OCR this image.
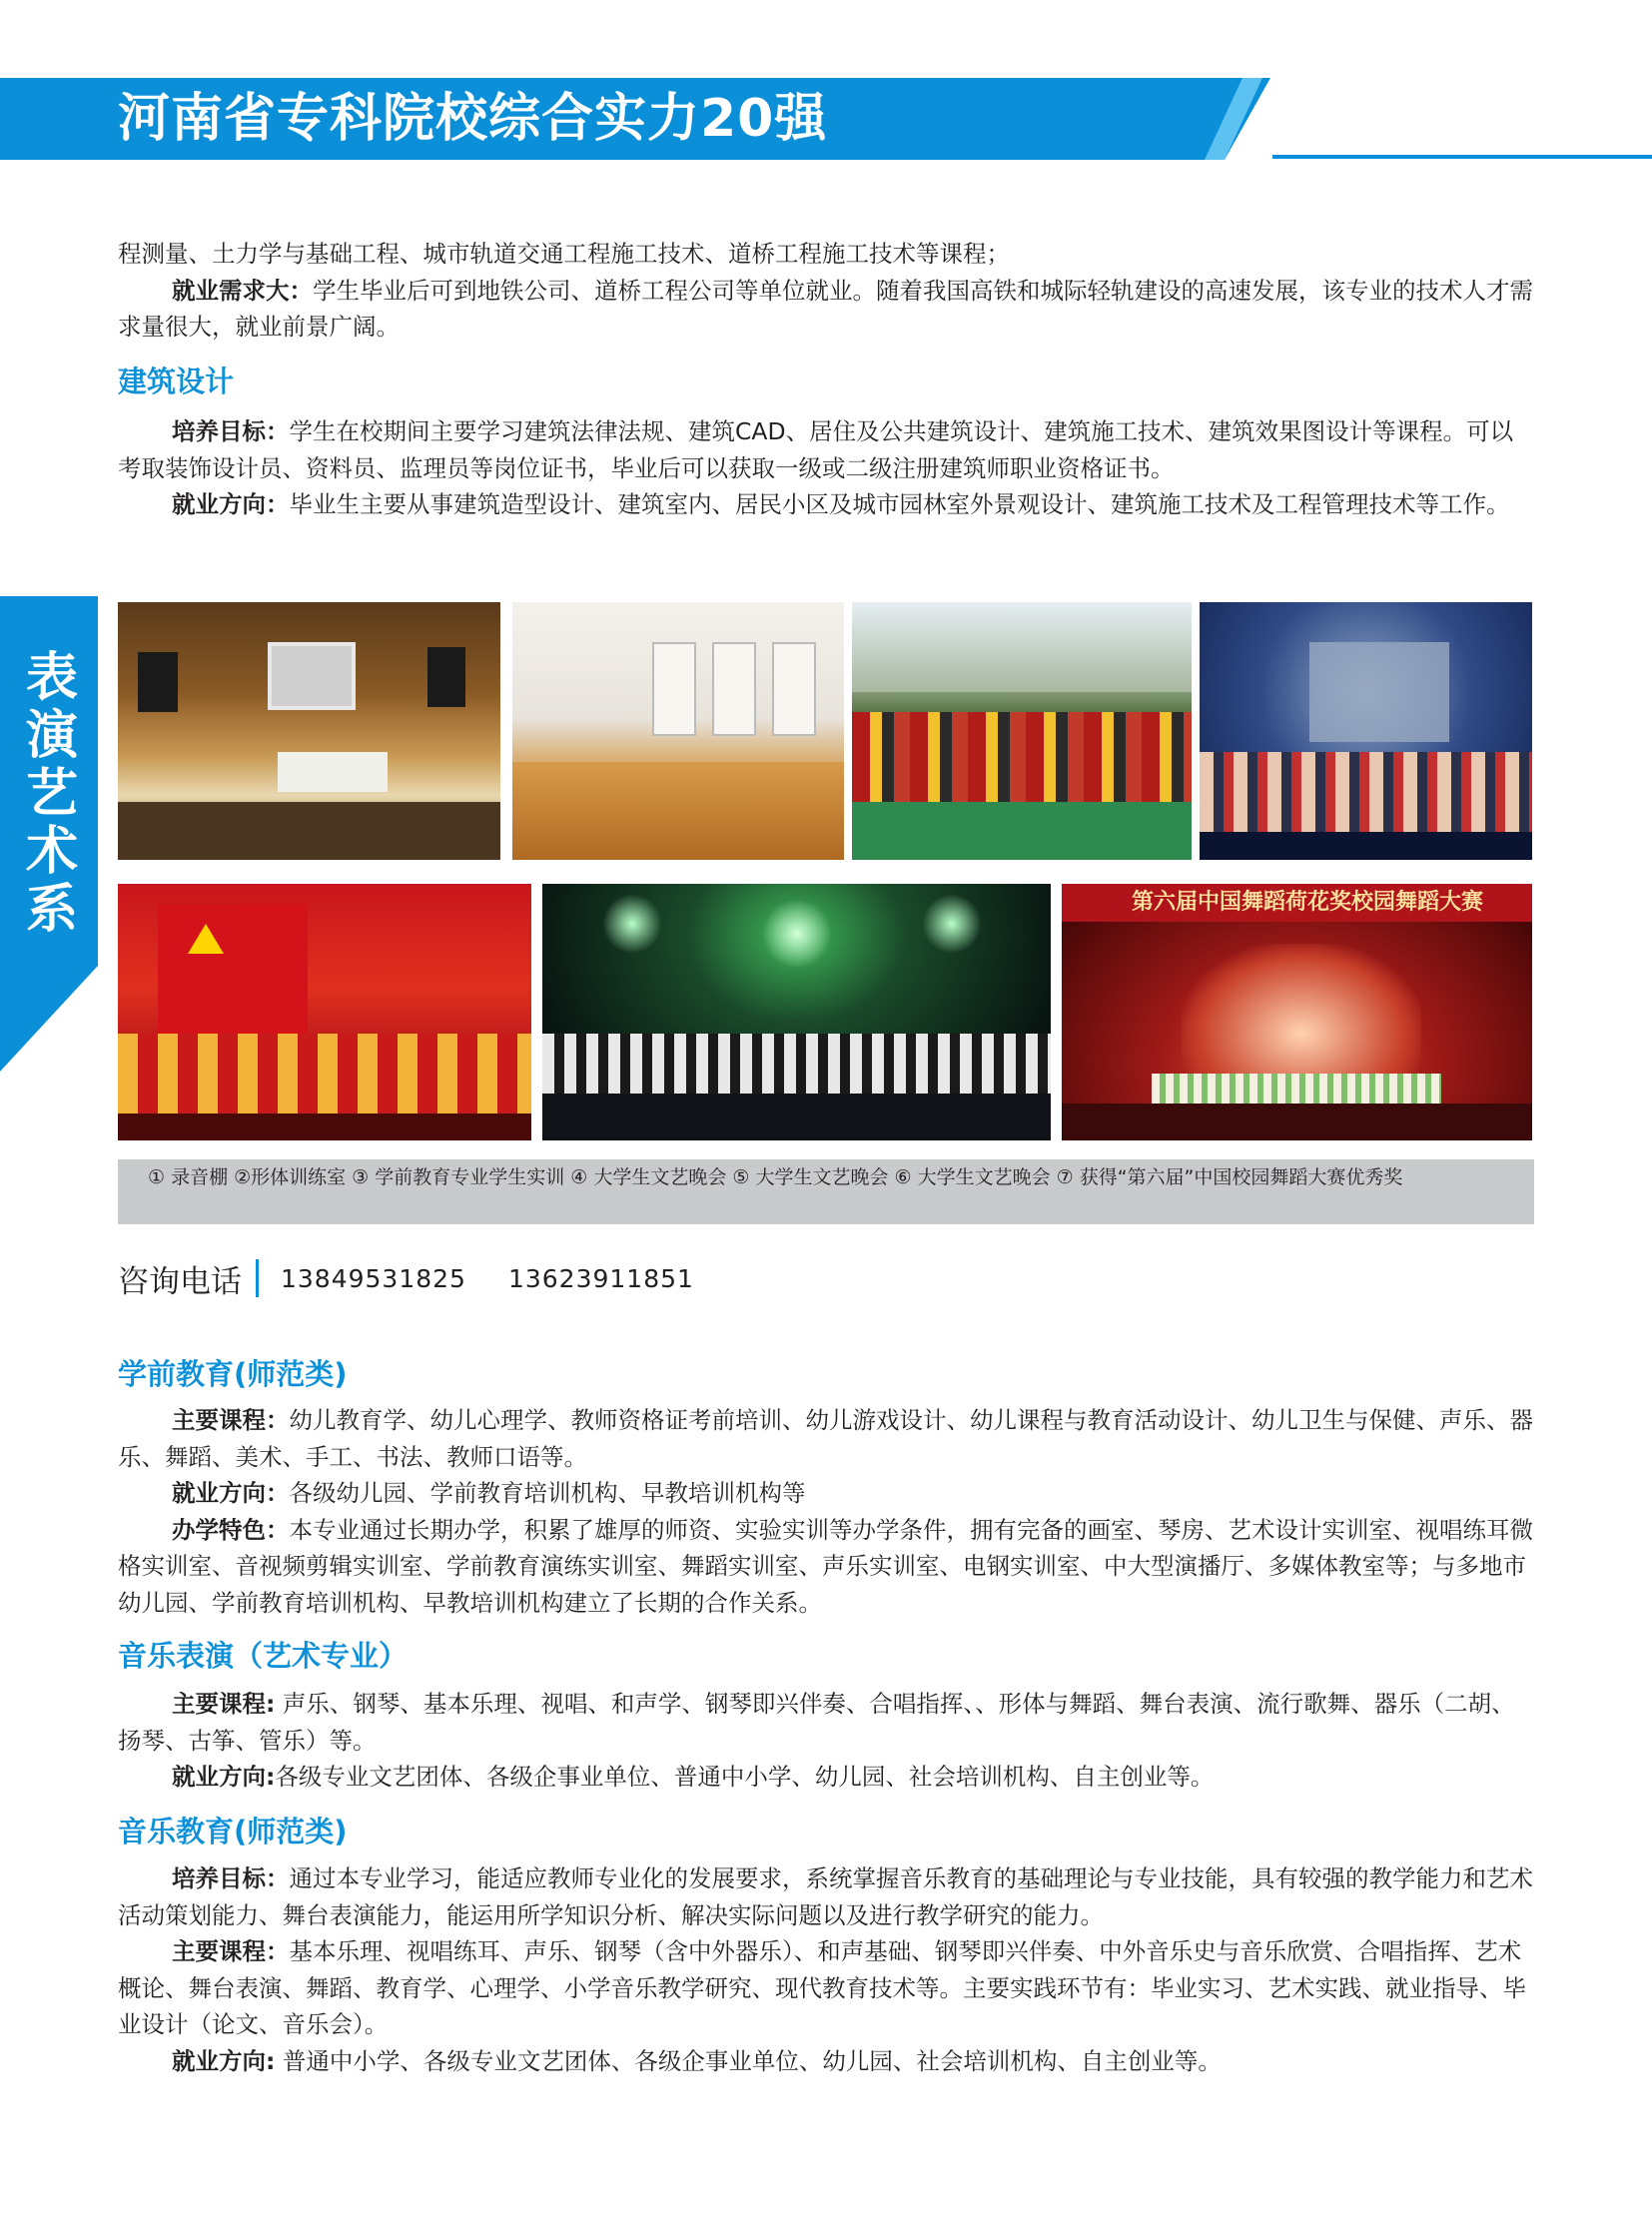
河南省专科院校综合实力20强
表演艺术系

程测量、土力学与基础工程、城市轨道交通工程施工技术、道桥工程施工技术等课程；

就业需求大：学生毕业后可到地铁公司、道桥工程公司等单位就业。随着我国高铁和城际轻轨建设的高速发展，该专业的技术人才需求量很大，就业前景广阔。

建筑设计

培养目标：学生在校期间主要学习建筑法律法规、建筑CAD、居住及公共建筑设计、建筑施工技术、建筑效果图设计等课程。可以考取装饰设计员、资料员、监理员等岗位证书，毕业后可以获取一级或二级注册建筑师职业资格证书。

就业方向：毕业生主要从事建筑造型设计、建筑室内、居民小区及城市园林室外景观设计、建筑施工技术及工程管理技术等工作。

第六届中国舞蹈荷花奖校园舞蹈大赛
① 录音棚 ②形体训练室 ③ 学前教育专业学生实训 ④ 大学生文艺晚会 ⑤ 大学生文艺晚会 ⑥ 大学生文艺晚会 ⑦ 获得“第六届”中国校园舞蹈大赛优秀奖
咨询电话 13849531825 13623911851
学前教育(师范类)

主要课程：幼儿教育学、幼儿心理学、教师资格证考前培训、幼儿游戏设计、幼儿课程与教育活动设计、幼儿卫生与保健、声乐、器乐、舞蹈、美术、手工、书法、教师口语等。

就业方向：各级幼儿园、学前教育培训机构、早教培训机构等

办学特色：本专业通过长期办学，积累了雄厚的师资、实验实训等办学条件，拥有完备的画室、琴房、艺术设计实训室、视唱练耳微格实训室、音视频剪辑实训室、学前教育演练实训室、舞蹈实训室、声乐实训室、电钢实训室、中大型演播厅、多媒体教室等；与多地市幼儿园、学前教育培训机构、早教培训机构建立了长期的合作关系。

音乐表演（艺术专业）

主要课程: 声乐、钢琴、基本乐理、视唱、和声学、钢琴即兴伴奏、合唱指挥、、形体与舞蹈、舞台表演、流行歌舞、器乐（二胡、扬琴、古筝、管乐）等。

就业方向:各级专业文艺团体、各级企事业单位、普通中小学、幼儿园、社会培训机构、自主创业等。

音乐教育(师范类)

培养目标：通过本专业学习，能适应教师专业化的发展要求，系统掌握音乐教育的基础理论与专业技能，具有较强的教学能力和艺术活动策划能力、舞台表演能力，能运用所学知识分析、解决实际问题以及进行教学研究的能力。

主要课程：基本乐理、视唱练耳、声乐、钢琴（含中外器乐）、和声基础、钢琴即兴伴奏、中外音乐史与音乐欣赏、合唱指挥、艺术概论、舞台表演、舞蹈、教育学、心理学、小学音乐教学研究、现代教育技术等。主要实践环节有：毕业实习、艺术实践、就业指导、毕业设计（论文、音乐会）。

就业方向: 普通中小学、各级专业文艺团体、各级企事业单位、幼儿园、社会培训机构、自主创业等。
